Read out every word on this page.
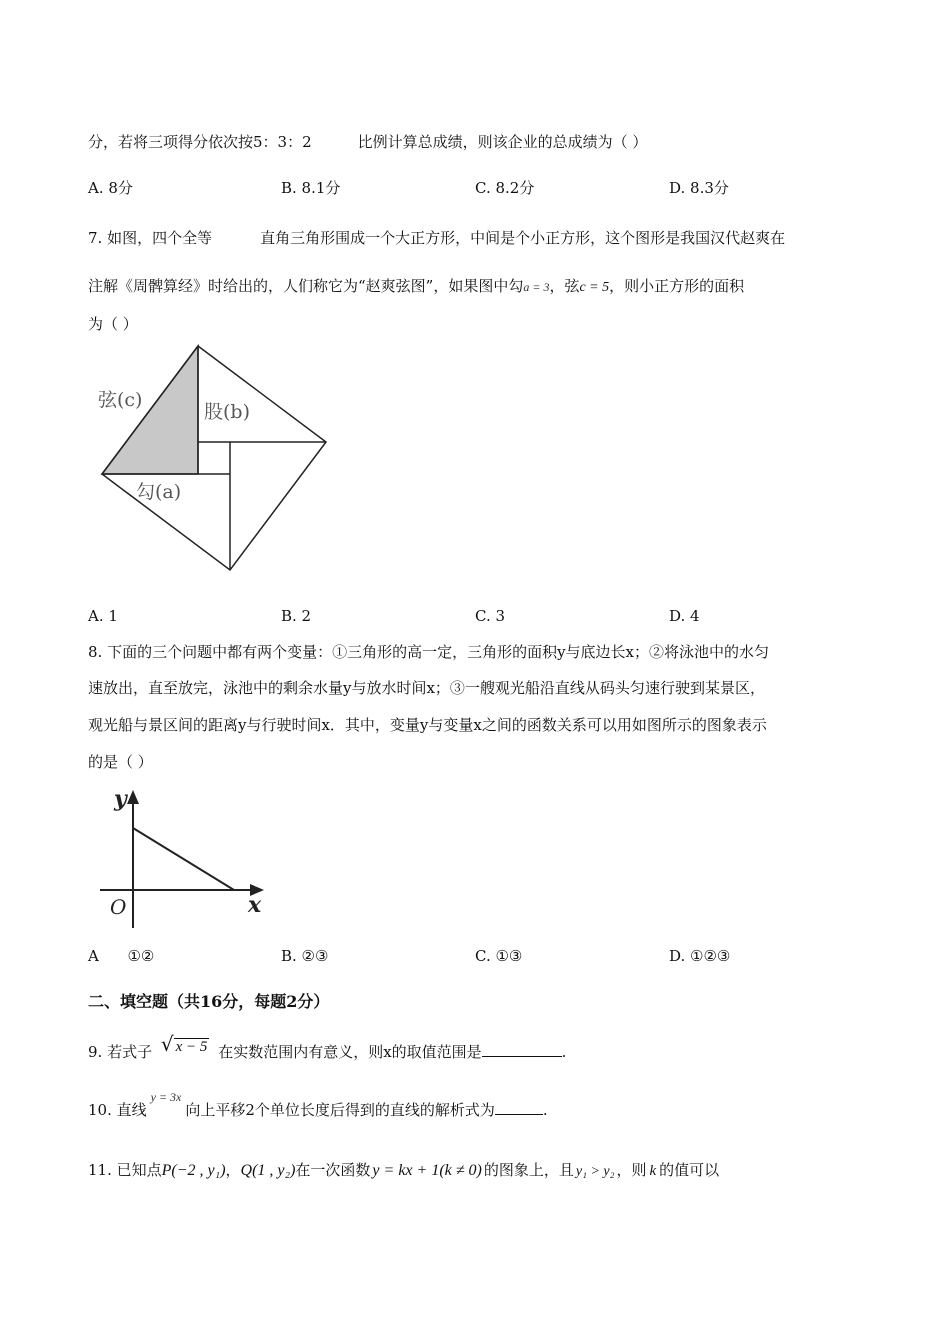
分，若将三项得分依次按5：3：2	比例计算总成绩，则该企业的总成绩为（ ）
A. 8分	B. 8.1分	C. 8.2分	D. 8.3分
7. 如图，四个全等	直角三角形围成一个大正方形，中间是个小正方形，这个图形是我国汉代赵爽在
注解《周髀算经》时给出的，人们称它为“赵爽弦图”，如果图中勾a = 3，弦c = 5，则小正方形的面积
为（ ）
弦(c)
股(b)
勾(a)
A. 1	B. 2	C. 3	D. 4
8. 下面的三个问题中都有两个变量：①三角形的高一定，三角形的面积y与底边长x；②将泳池中的水匀
速放出，直至放完，泳池中的剩余水量y与放水时间x；③一艘观光船沿直线从码头匀速行驶到某景区，
观光船与景区间的距离y与行驶时间x．其中，变量y与变量x之间的函数关系可以用如图所示的图象表示
的是（ ）
y
x
O
A      ①②	B. ②③	C. ①③	D. ①②③
二、填空题（共16分，每题2分）
9. 若式子 √ x − 5 在实数范围内有意义，则x的取值范围是	.
10. 直线$^{y = 3x}$向上平移2个单位长度后得到的直线的解析式为	.
11. 已知点P(−2 , y₁)，Q(1 , y₂)在一次函数 y = kx + 1(k ≠ 0) 的图象上，且 y₁ > y₂ ，则 k 的值可以
